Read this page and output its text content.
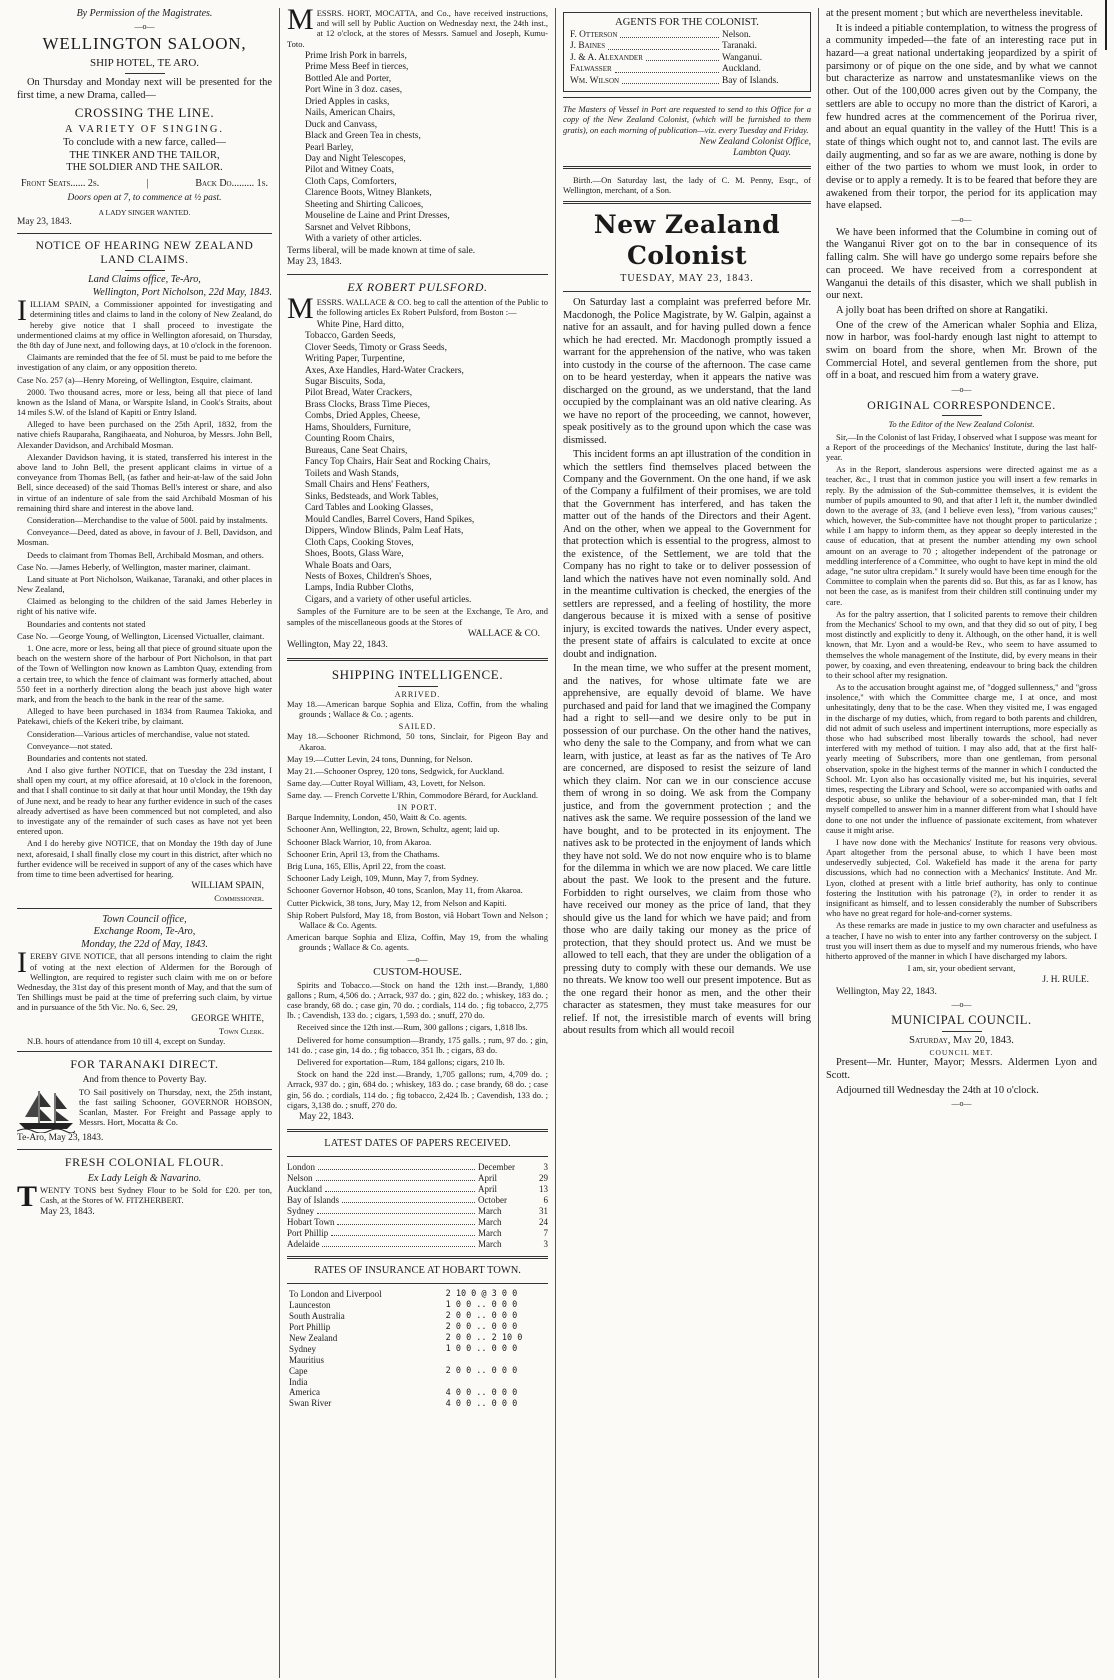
By Permission of the Magistrates.
—o—
WELLINGTON SALOON,
SHIP HOTEL, TE ARO.

On Thursday and Monday next will be presented for the first time, a new Drama, called—

CROSSING THE LINE.
A VARIETY OF SINGING.
To conclude with a new farce, called—
THE TINKER AND THE TAILOR,
THE SOLDIER AND THE SAILOR.
Front Seats...... 2s.	|	Back Do......... 1s.
Doors open at 7, to commence at ½ past.
A LADY SINGER WANTED.
May 23, 1843.
NOTICE OF HEARING NEW ZEALAND LAND CLAIMS.
Land Claims office, Te-Aro,
Wellington, Port Nicholson, 22d May, 1843.

IILLIAM SPAIN, a Commissioner appointed for investigating and determining titles and claims to land in the colony of New Zealand, do hereby give notice that I shall proceed to investigate the undermentioned claims at my office in Wellington aforesaid, on Thursday, the 8th day of June next, and following days, at 10 o'clock in the forenoon.

Claimants are reminded that the fee of 5l. must be paid to me before the investigation of any claim, or any opposition thereto.

Case No. 257 (a)—Henry Moreing, of Wellington, Esquire, claimant.

2000. Two thousand acres, more or less, being all that piece of land known as the Island of Mana, or Warspite Island, in Cook's Straits, about 14 miles S.W. of the Island of Kapiti or Entry Island.

Alleged to have been purchased on the 25th April, 1832, from the native chiefs Rauparaha, Rangihaeata, and Nohuroa, by Messrs. John Bell, Alexander Davidson, and Archibald Mosman.

Alexander Davidson having, it is stated, transferred his interest in the above land to John Bell, the present applicant claims in virtue of a conveyance from Thomas Bell, (as father and heir-at-law of the said John Bell, since deceased) of the said Thomas Bell's interest or share, and also in virtue of an indenture of sale from the said Archibald Mosman of his remaining third share and interest in the above land.

Consideration—Merchandise to the value of 500l. paid by instalments.

Conveyance—Deed, dated as above, in favour of J. Bell, Davidson, and Mosman.

Deeds to claimant from Thomas Bell, Archibald Mosman, and others.

Case No. —James Heberly, of Wellington, master mariner, claimant.

Land situate at Port Nicholson, Waikanae, Taranaki, and other places in New Zealand,

Claimed as belonging to the children of the said James Heberley in right of his native wife.

Boundaries and contents not stated

Case No. —George Young, of Wellington, Licensed Victualler, claimant.

1. One acre, more or less, being all that piece of ground situate upon the beach on the western shore of the harbour of Port Nicholson, in that part of the Town of Wellington now known as Lambton Quay, extending from a certain tree, to which the fence of claimant was formerly attached, about 550 feet in a northerly direction along the beach just above high water mark, and from the beach to the bank in the rear of the same.

Alleged to have been purchased in 1834 from Raumea Takioka, and Patekawi, chiefs of the Kekeri tribe, by claimant.

Consideration—Various articles of merchandise, value not stated.

Conveyance—not stated.

Boundaries and contents not stated.

And I also give further NOTICE, that on Tuesday the 23d instant, I shall open my court, at my office aforesaid, at 10 o'clock in the forenoon, and that I shall continue to sit daily at that hour until Monday, the 19th day of June next, and be ready to hear any further evidence in such of the cases already advertised as have been commenced but not completed, and also to investigate any of the remainder of such cases as have not yet been entered upon.

And I do hereby give NOTICE, that on Monday the 19th day of June next, aforesaid, I shall finally close my court in this district, after which no further evidence will be received in support of any of the cases which have from time to time been advertised for hearing.

WILLIAM SPAIN,
Commissioner.
Town Council office,
Exchange Room, Te-Aro,
Monday, the 22d of May, 1843.

IEREBY GIVE NOTICE, that all persons intending to claim the right of voting at the next election of Aldermen for the Borough of Wellington, are required to register such claim with me on or before Wednesday, the 31st day of this present month of May, and that the sum of Ten Shillings must be paid at the time of preferring such claim, by virtue and in pursuance of the 5th Vic. No. 6, Sec. 29,

GEORGE WHITE,
Town Clerk.

N.B. hours of attendance from 10 till 4, except on Sunday.

FOR TARANAKI DIRECT.
And from thence to Poverty Bay.

TO Sail positively on Thursday, next, the 25th instant, the fast sailing Schooner, GOVERNOR HOBSON, Scanlan, Master. For Freight and Passage apply to Messrs. Hort, Mocatta & Co.

Te-Aro, May 23, 1843.
FRESH COLONIAL FLOUR.
Ex Lady Leigh & Navarino.

TWENTY TONS best Sydney Flour to be Sold for £20. per ton, Cash, at the Stores of W. FITZHERBERT.

May 23, 1843.

MESSRS. HORT, MOCATTA, and Co., have received instructions, and will sell by Public Auction on Wednesday next, the 24th inst., at 12 o'clock, at the stores of Messrs. Samuel and Joseph, Kumu-Toto.

Prime Irish Pork in barrels,
Prime Mess Beef in tierces,
Bottled Ale and Porter,
Port Wine in 3 doz. cases,
Dried Apples in casks,
Nails, American Chairs,
Duck and Canvass,
Black and Green Tea in chests,
Pearl Barley,
Day and Night Telescopes,
Pilot and Witney Coats,
Cloth Caps, Comforters,
Clarence Boots, Witney Blankets,
Sheeting and Shirting Calicoes,
Mouseline de Laine and Print Dresses,
Sarsnet and Velvet Ribbons,
With a variety of other articles.
Terms liberal, will be made known at time of sale.
May 23, 1843.
EX ROBERT PULSFORD.

MESSRS. WALLACE & CO. beg to call the attention of the Public to the following articles Ex Robert Pulsford, from Boston :—

White Pine, Hard ditto,
Tobacco, Garden Seeds,
Clover Seeds, Timoty or Grass Seeds,
Writing Paper, Turpentine,
Axes, Axe Handles, Hard-Water Crackers,
Sugar Biscuits, Soda,
Pilot Bread, Water Crackers,
Brass Clocks, Brass Time Pieces,
Combs, Dried Apples, Cheese,
Hams, Shoulders, Furniture,
Counting Room Chairs,
Bureaus, Cane Seat Chairs,
Fancy Top Chairs, Hair Seat and Rocking Chairs,
Toilets and Wash Stands,
Small Chairs and Hens' Feathers,
Sinks, Bedsteads, and Work Tables,
Card Tables and Looking Glasses,
Mould Candles, Barrel Covers, Hand Spikes,
Dippers, Window Blinds, Palm Leaf Hats,
Cloth Caps, Cooking Stoves,
Shoes, Boots, Glass Ware,
Whale Boats and Oars,
Nests of Boxes, Children's Shoes,
Lamps, India Rubber Cloths,
Cigars, and a variety of other useful articles.

Samples of the Furniture are to be seen at the Exchange, Te Aro, and samples of the miscellaneous goods at the Stores of

WALLACE & CO.
Wellington, May 22, 1843.
SHIPPING INTELLIGENCE.
ARRIVED.

May 18.—American barque Sophia and Eliza, Coffin, from the whaling grounds ; Wallace & Co. ; agents.

SAILED.

May 18.—Schooner Richmond, 50 tons, Sinclair, for Pigeon Bay and Akaroa.

May 19.—Cutter Levin, 24 tons, Dunning, for Nelson.

May 21.—Schooner Osprey, 120 tons, Sedgwick, for Auckland.

Same day.—Cutter Royal William, 43, Lovett, for Nelson.

Same day. — French Corvette L'Rhin, Commodore Bérard, for Auckland.

IN PORT.

Barque Indemnity, London, 450, Waitt & Co. agents.

Schooner Ann, Wellington, 22, Brown, Schultz, agent; laid up.

Schooner Black Warrior, 10, from Akaroa.

Schooner Erin, April 13, from the Chathams.

Brig Luna, 165, Ellis, April 22, from the coast.

Schooner Lady Leigh, 109, Munn, May 7, from Sydney.

Schooner Governor Hobson, 40 tons, Scanlon, May 11, from Akaroa.

Cutter Pickwick, 38 tons, Jury, May 12, from Nelson and Kapiti.

Ship Robert Pulsford, May 18, from Boston, viâ Hobart Town and Nelson ; Wallace & Co. Agents.

American barque Sophia and Eliza, Coffin, May 19, from the whaling grounds ; Wallace & Co. agents.

—o—
CUSTOM-HOUSE.

Spirits and Tobacco.—Stock on hand the 12th inst.—Brandy, 1,880 gallons ; Rum, 4,506 do. ; Arrack, 937 do. ; gin, 822 do. ; whiskey, 183 do. ; case brandy, 68 do. ; case gin, 70 do. ; cordials, 114 do. ; fig tobacco, 2,775 lb. ; Cavendish, 133 do. ; cigars, 1,593 do. ; snuff, 270 do.

Received since the 12th inst.—Rum, 300 gallons ; cigars, 1,818 lbs.

Delivered for home consumption—Brandy, 175 galls. ; rum, 97 do. ; gin, 141 do. ; case gin, 14 do. ; fig tobacco, 351 lb. ; cigars, 83 do.

Delivered for exportation—Rum, 184 gallons; cigars, 210 lb.

Stock on hand the 22d inst.—Brandy, 1,705 gallons; rum, 4,709 do. ; Arrack, 937 do. ; gin, 684 do. ; whiskey, 183 do. ; case brandy, 68 do. ; case gin, 56 do. ; cordials, 114 do. ; fig tobacco, 2,424 lb. ; Cavendish, 133 do. ; cigars, 3,138 do. ; snuff, 270 do.

May 22, 1843.
LATEST DATES OF PAPERS RECEIVED.
London	December	3
Nelson	April	29
Auckland	April	13
Bay of Islands	October	6
Sydney	March	31
Hobart Town	March	24
Port Phillip	March	7
Adelaide	March	3
RATES OF INSURANCE AT HOBART TOWN.
To London and Liverpool	2 10 0 @ 3 0 0
Launceston	1 0 0 .. 0 0 0
South Australia	2 0 0 .. 0 0 0
Port Phillip	2 0 0 .. 0 0 0
New Zealand	2 0 0 .. 2 10 0
Sydney	1 0 0 .. 0 0 0
Mauritius	
Cape	2 0 0 .. 0 0 0
India	
America	4 0 0 .. 0 0 0
Swan River	4 0 0 .. 0 0 0
AGENTS FOR THE COLONIST.
F. Otterson	Nelson.
J. Baines	Taranaki.
J. & A. Alexander	Wanganui.
Falwasser	Auckland.
Wm. Wilson	Bay of Islands.

The Masters of Vessel in Port are requested to send to this Office for a copy of the New Zealand Colonist, (which will be furnished to them gratis), on each morning of publication—viz. every Tuesday and Friday.

New Zealand Colonist Office,
Lambton Quay.

Birth.—On Saturday last, the lady of C. M. Penny, Esqr., of Wellington, merchant, of a Son.

New Zealand Colonist
TUESDAY, MAY 23, 1843.

On Saturday last a complaint was preferred before Mr. Macdonogh, the Police Magistrate, by W. Galpin, against a native for an assault, and for having pulled down a fence which he had erected. Mr. Macdonogh promptly issued a warrant for the apprehension of the native, who was taken into custody in the course of the afternoon. The case came on to be heard yesterday, when it appears the native was discharged on the ground, as we understand, that the land occupied by the complainant was an old native clearing. As we have no report of the proceeding, we cannot, however, speak positively as to the ground upon which the case was dismissed.

This incident forms an apt illustration of the condition in which the settlers find themselves placed between the Company and the Government. On the one hand, if we ask of the Company a fulfilment of their promises, we are told that the Government has interfered, and has taken the matter out of the hands of the Directors and their Agent. And on the other, when we appeal to the Government for that protection which is essential to the progress, almost to the existence, of the Settlement, we are told that the Company has no right to take or to deliver possession of land which the natives have not even nominally sold. And in the meantime cultivation is checked, the energies of the settlers are repressed, and a feeling of hostility, the more dangerous because it is mixed with a sense of positive injury, is excited towards the natives. Under every aspect, the present state of affairs is calculated to excite at once doubt and indignation.

In the mean time, we who suffer at the present moment, and the natives, for whose ultimate fate we are apprehensive, are equally devoid of blame. We have purchased and paid for land that we imagined the Company had a right to sell—and we desire only to be put in possession of our purchase. On the other hand the natives, who deny the sale to the Company, and from what we can learn, with justice, at least as far as the natives of Te Aro are concerned, are disposed to resist the seizure of land which they claim. Nor can we in our conscience accuse them of wrong in so doing. We ask from the Company justice, and from the government protection ; and the natives ask the same. We require possession of the land we have bought, and to be protected in its enjoyment. The natives ask to be protected in the enjoyment of lands which they have not sold. We do not now enquire who is to blame for the dilemma in which we are now placed. We care little about the past. We look to the present and the future. Forbidden to right ourselves, we claim from those who have received our money as the price of land, that they should give us the land for which we have paid; and from those who are daily taking our money as the price of protection, that they should protect us. And we must be allowed to tell each, that they are under the obligation of a pressing duty to comply with these our demands. We use no threats. We know too well our present impotence. But as the one regard their honor as men, and the other their character as statesmen, they must take measures for our relief. If not, the irresistible march of events will bring about results from which all would recoil

at the present moment ; but which are nevertheless inevitable.

It is indeed a pitiable contemplation, to witness the progress of a community impeded—the fate of an interesting race put in hazard—a great national undertaking jeopardized by a spirit of parsimony or of pique on the one side, and by what we cannot but characterize as narrow and unstatesmanlike views on the other. Out of the 100,000 acres given out by the Company, the settlers are able to occupy no more than the district of Karori, a few hundred acres at the commencement of the Porirua river, and about an equal quantity in the valley of the Hutt! This is a state of things which ought not to, and cannot last. The evils are daily augmenting, and so far as we are aware, nothing is done by either of the two parties to whom we must look, in order to devise or to apply a remedy. It is to be feared that before they are awakened from their torpor, the period for its application may have elapsed.

—o—

We have been informed that the Columbine in coming out of the Wanganui River got on to the bar in consequence of its falling calm. She will have go undergo some repairs before she can proceed. We have received from a correspondent at Wanganui the details of this disaster, which we shall publish in our next.

A jolly boat has been drifted on shore at Rangatiki.

One of the crew of the American whaler Sophia and Eliza, now in harbor, was fool-hardy enough last night to attempt to swim on board from the shore, when Mr. Brown of the Commercial Hotel, and several gentlemen from the shore, put off in a boat, and rescued him from a watery grave.

—o—
ORIGINAL CORRESPONDENCE.

To the Editor of the New Zealand Colonist.

Sir,—In the Colonist of last Friday, I observed what I suppose was meant for a Report of the proceedings of the Mechanics' Institute, during the last half-year.

As in the Report, slanderous aspersions were directed against me as a teacher, &c., I trust that in common justice you will insert a few remarks in reply. By the admission of the Sub-committee themselves, it is evident the number of pupils amounted to 90, and that after I left it, the number dwindled down to the average of 33, (and I believe even less), "from various causes;" which, however, the Sub-committee have not thought proper to particularize ; while I am happy to inform them, as they appear so deeply interested in the cause of education, that at present the number attending my own school amount on an average to 70 ; altogether independent of the patronage or meddling interference of a Committee, who ought to have kept in mind the old adage, "ne sutor ultra crepidam." It surely would have been time enough for the Committee to complain when the parents did so. But this, as far as I know, has not been the case, as is manifest from their children still continuing under my care.

As for the paltry assertion, that I solicited parents to remove their children from the Mechanics' School to my own, and that they did so out of pity, I beg most distinctly and explicitly to deny it. Although, on the other hand, it is well known, that Mr. Lyon and a would-be Rev., who seem to have assumed to themselves the whole management of the Institute, did, by every means in their power, by coaxing, and even threatening, endeavour to bring back the children to their school after my resignation.

As to the accusation brought against me, of "dogged sullenness," and "gross insolence," with which the Committee charge me, I at once, and most unhesitatingly, deny that to be the case. When they visited me, I was engaged in the discharge of my duties, which, from regard to both parents and children, did not admit of such useless and impertinent interruptions, more especially as those who had subscribed most liberally towards the school, had never interfered with my method of tuition. I may also add, that at the first half-yearly meeting of Subscribers, more than one gentleman, from personal observation, spoke in the highest terms of the manner in which I conducted the School. Mr. Lyon also has occasionally visited me, but his inquiries, several times, respecting the Library and School, were so accompanied with oaths and despotic abuse, so unlike the behaviour of a sober-minded man, that I felt myself compelled to answer him in a manner different from what I should have done to one not under the influence of passionate excitement, from whatever cause it might arise.

I have now done with the Mechanics' Institute for reasons very obvious. Apart altogether from the personal abuse, to which I have been most undeservedly subjected, Col. Wakefield has made it the arena for party discussions, which had no connection with a Mechanics' Institute. And Mr. Lyon, clothed at present with a little brief authority, has only to continue fostering the Institution with his patronage (?), in order to render it as insignificant as himself, and to lessen considerably the number of Subscribers who have no great regard for hole-and-corner systems.

As these remarks are made in justice to my own character and usefulness as a teacher, I have no wish to enter into any farther controversy on the subject. I trust you will insert them as due to myself and my numerous friends, who have hitherto approved of the manner in which I have discharged my labors.

I am, sir, your obedient servant,

J. H. RULE.
Wellington, May 22, 1843.
—o—
MUNICIPAL COUNCIL.
Saturday, May 20, 1843.
COUNCIL MET.

Present—Mr. Hunter, Mayor; Messrs. Aldermen Lyon and Scott.

Adjourned till Wednesday the 24th at 10 o'clock.

—o—
